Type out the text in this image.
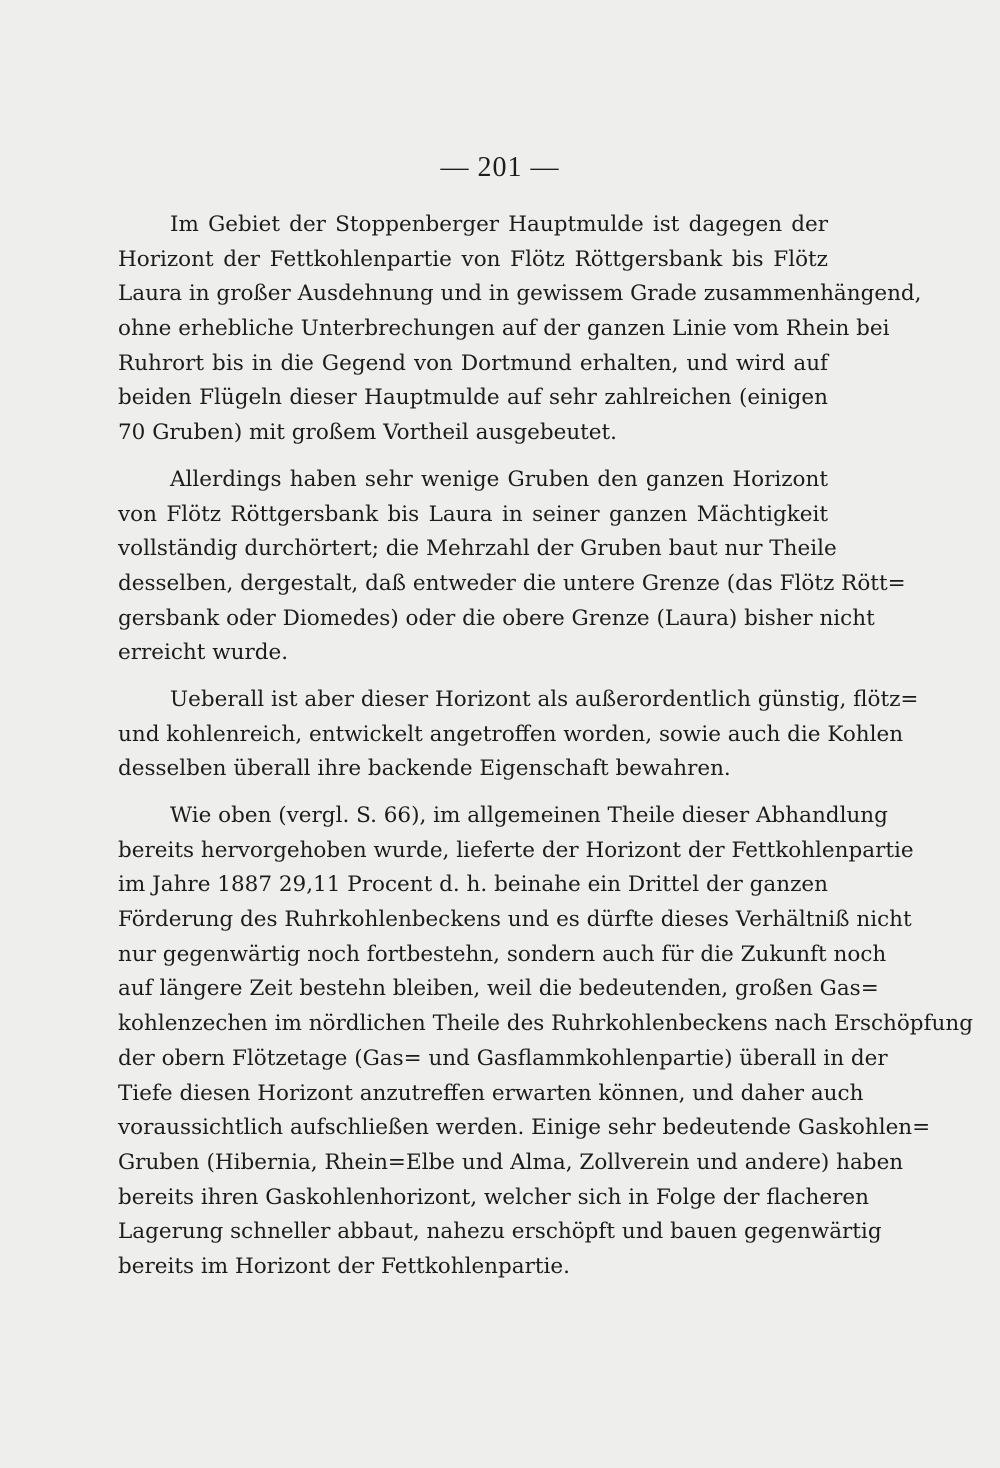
— 201 —
Im Gebiet der Stoppenberger Hauptmulde ist dagegen der
Horizont der Fettkohlenpartie von Flötz Röttgersbank bis Flötz
Laura in großer Ausdehnung und in gewissem Grade zusammenhängend,
ohne erhebliche Unterbrechungen auf der ganzen Linie vom Rhein bei
Ruhrort bis in die Gegend von Dortmund erhalten, und wird auf
beiden Flügeln dieser Hauptmulde auf sehr zahlreichen (einigen
70 Gruben) mit großem Vortheil ausgebeutet.
Allerdings haben sehr wenige Gruben den ganzen Horizont
von Flötz Röttgersbank bis Laura in seiner ganzen Mächtigkeit
vollständig durchörtert; die Mehrzahl der Gruben baut nur Theile
desselben, dergestalt, daß entweder die untere Grenze (das Flötz Rött=
gersbank oder Diomedes) oder die obere Grenze (Laura) bisher nicht
erreicht wurde.
Ueberall ist aber dieser Horizont als außerordentlich günstig, flötz=
und kohlenreich, entwickelt angetroffen worden, sowie auch die Kohlen
desselben überall ihre backende Eigenschaft bewahren.
Wie oben (vergl. S. 66), im allgemeinen Theile dieser Abhandlung
bereits hervorgehoben wurde, lieferte der Horizont der Fettkohlenpartie
im Jahre 1887 29,11 Procent d. h. beinahe ein Drittel der ganzen
Förderung des Ruhrkohlenbeckens und es dürfte dieses Verhältniß nicht
nur gegenwärtig noch fortbestehn, sondern auch für die Zukunft noch
auf längere Zeit bestehn bleiben, weil die bedeutenden, großen Gas=
kohlenzechen im nördlichen Theile des Ruhrkohlenbeckens nach Erschöpfung
der obern Flötzetage (Gas= und Gasflammkohlenpartie) überall in der
Tiefe diesen Horizont anzutreffen erwarten können, und daher auch
voraussichtlich aufschließen werden. Einige sehr bedeutende Gaskohlen=
Gruben (Hibernia, Rhein=Elbe und Alma, Zollverein und andere) haben
bereits ihren Gaskohlenhorizont, welcher sich in Folge der flacheren
Lagerung schneller abbaut, nahezu erschöpft und bauen gegenwärtig
bereits im Horizont der Fettkohlenpartie.
